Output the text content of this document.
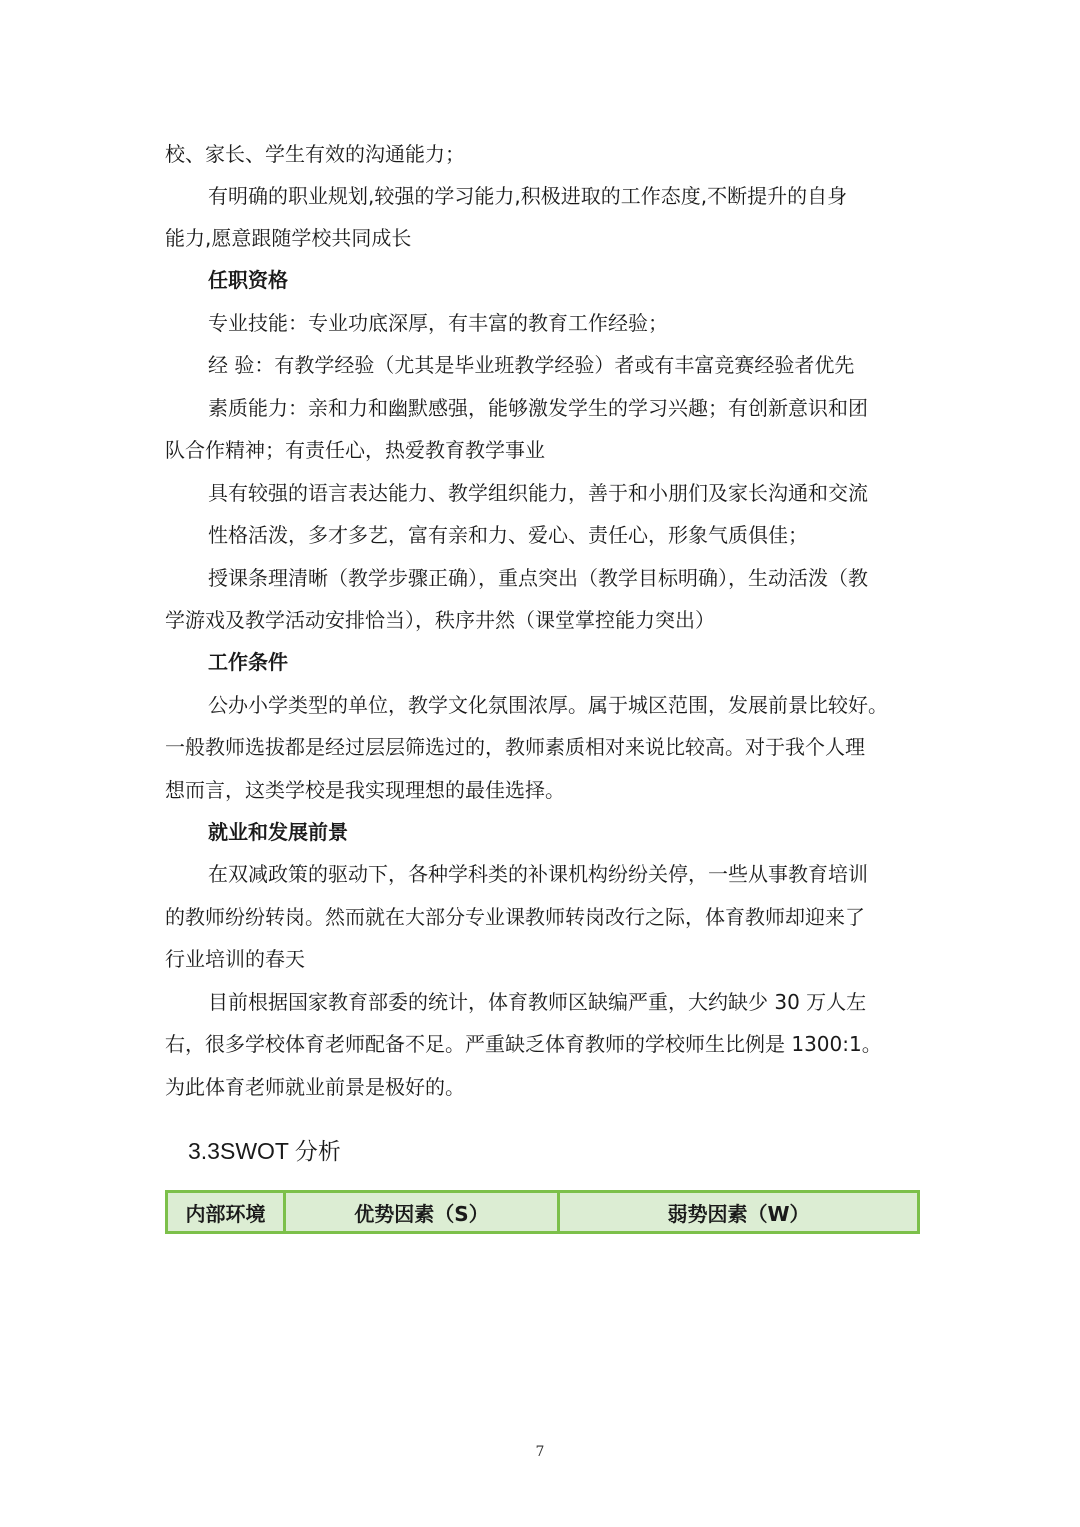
校、家长、学生有效的沟通能力；

有明确的职业规划,较强的学习能力,积极进取的工作态度,不断提升的自身

能力,愿意跟随学校共同成长

任职资格

专业技能：专业功底深厚，有丰富的教育工作经验；

经 验：有教学经验（尤其是毕业班教学经验）者或有丰富竞赛经验者优先

素质能力：亲和力和幽默感强，能够激发学生的学习兴趣；有创新意识和团

队合作精神；有责任心，热爱教育教学事业

具有较强的语言表达能力、教学组织能力，善于和小朋们及家长沟通和交流

性格活泼，多才多艺，富有亲和力、爱心、责任心，形象气质俱佳；

授课条理清晰（教学步骤正确），重点突出（教学目标明确），生动活泼（教

学游戏及教学活动安排恰当），秩序井然（课堂掌控能力突出）

工作条件

公办小学类型的单位，教学文化氛围浓厚。属于城区范围，发展前景比较好。

一般教师选拔都是经过层层筛选过的，教师素质相对来说比较高。对于我个人理

想而言，这类学校是我实现理想的最佳选择。

就业和发展前景

在双减政策的驱动下，各种学科类的补课机构纷纷关停，一些从事教育培训

的教师纷纷转岗。然而就在大部分专业课教师转岗改行之际，体育教师却迎来了

行业培训的春天

目前根据国家教育部委的统计，体育教师区缺编严重，大约缺少 30 万人左

右，很多学校体育老师配备不足。严重缺乏体育教师的学校师生比例是 1300:1。

为此体育老师就业前景是极好的。

3.3SWOT 分析
内部环境	优势因素（S）	弱势因素（W）
7
